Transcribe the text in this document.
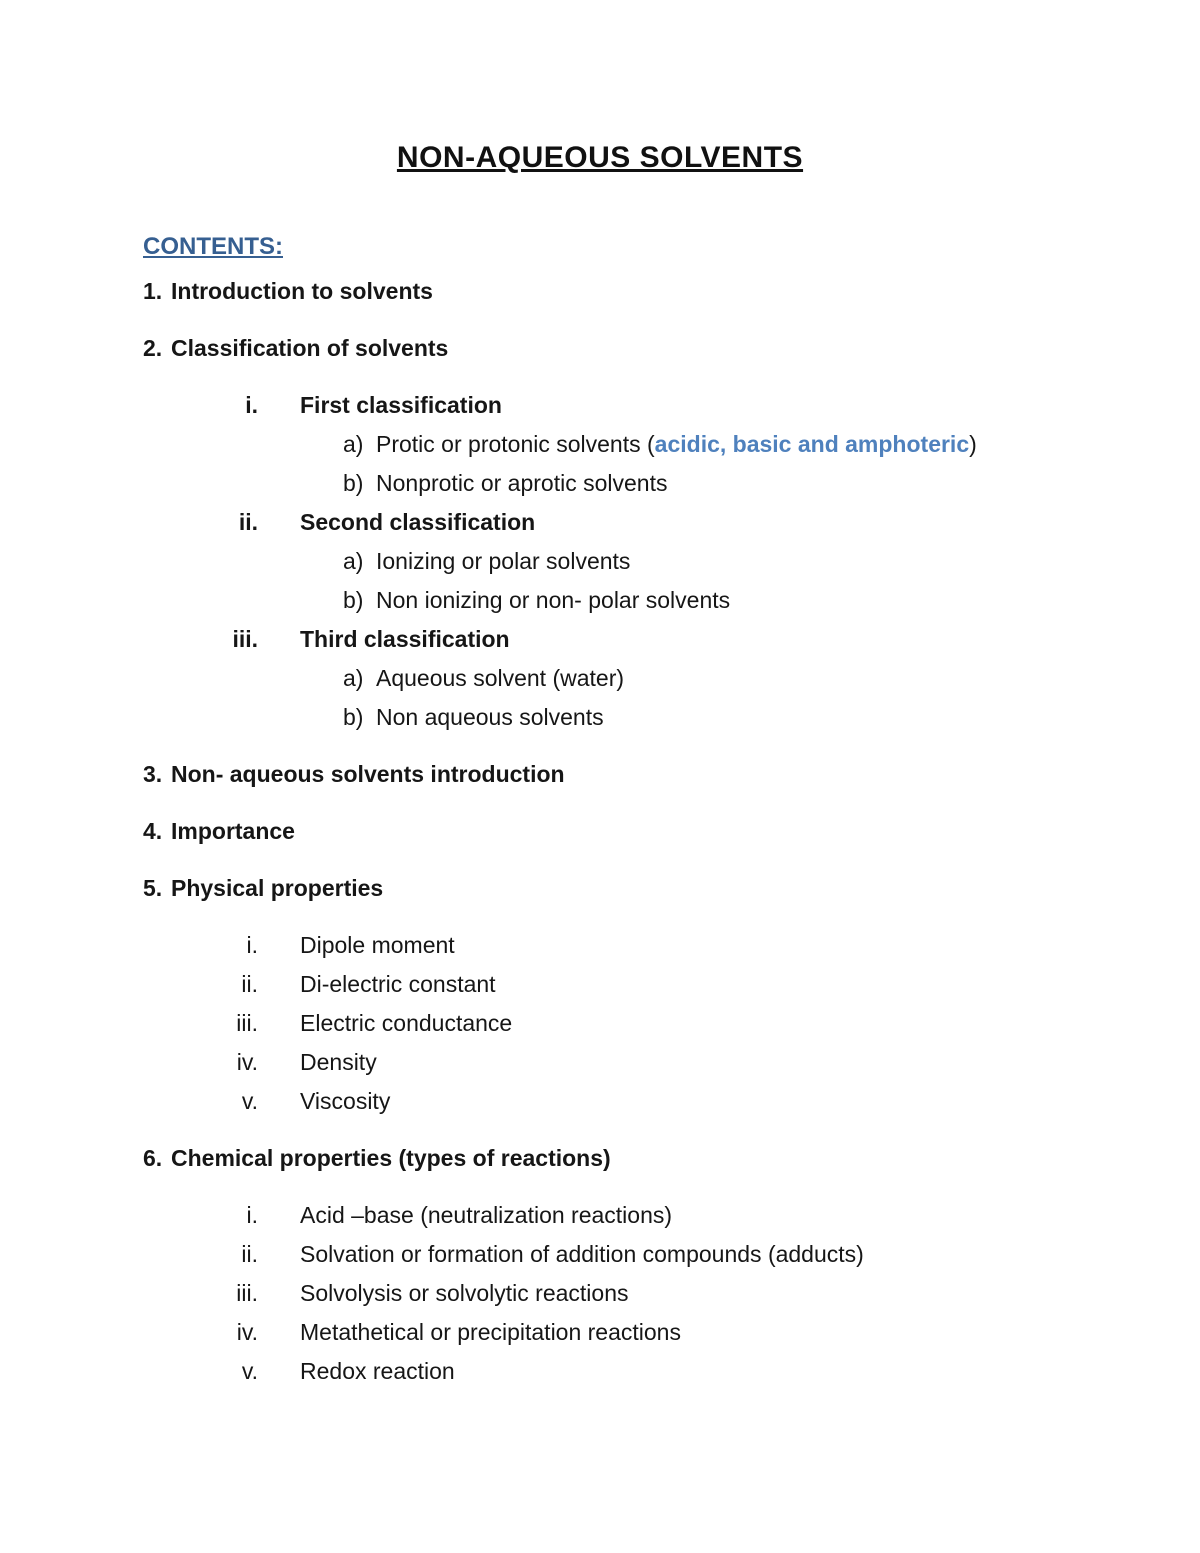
NON-AQUEOUS SOLVENTS
CONTENTS:
1. Introduction to solvents
2. Classification of solvents
i. First classification
a) Protic or protonic solvents (acidic, basic and amphoteric)
b) Nonprotic or aprotic solvents
ii. Second classification
a) Ionizing or polar solvents
b) Non ionizing or non- polar solvents
iii. Third classification
a) Aqueous solvent (water)
b) Non aqueous solvents
3. Non- aqueous solvents introduction
4. Importance
5. Physical properties
i. Dipole moment
ii. Di-electric constant
iii. Electric conductance
iv. Density
v. Viscosity
6. Chemical properties (types of reactions)
i. Acid –base (neutralization reactions)
ii. Solvation or formation of addition compounds (adducts)
iii. Solvolysis or solvolytic reactions
iv. Metathetical or precipitation reactions
v. Redox reaction
